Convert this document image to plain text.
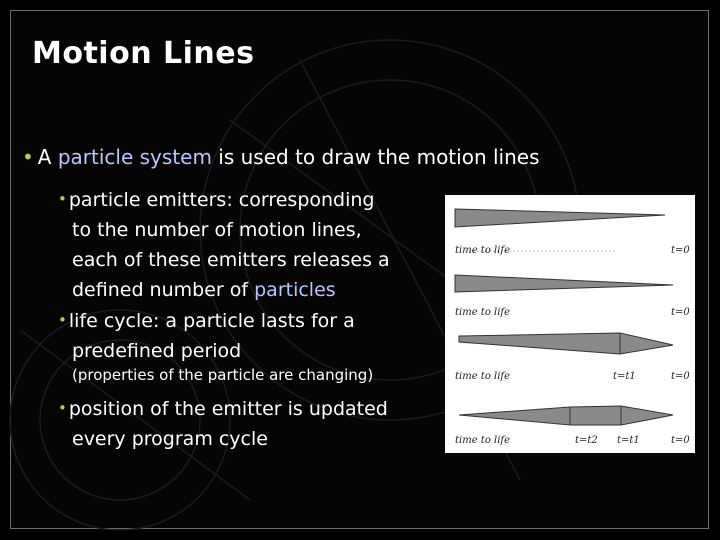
Motion Lines
• A particle system is used to draw the motion lines
• particle emitters: corresponding
to the number of motion lines,
each of these emitters releases a
defined number of particles
• life cycle: a particle lasts for a
predefined period
(properties of the particle are changing)
• position of the emitter is updated
every program cycle
time to life	t=0
time to life	t=0
time to life	t=t1	t=0
time to life	t=t2 t=t1	t=0
